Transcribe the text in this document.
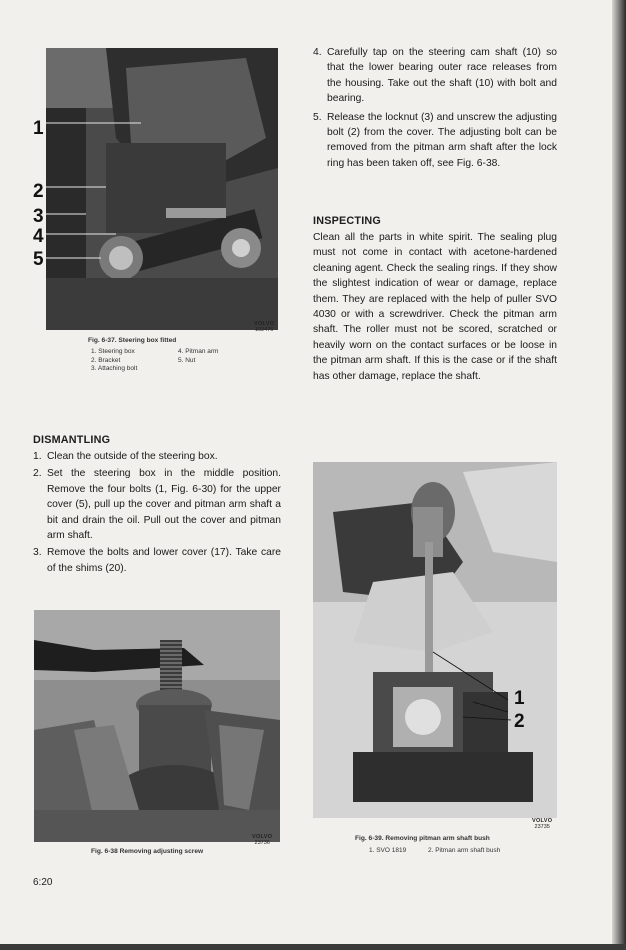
1
2
3
4
5
VOLVO
102476
Fig. 6-37. Steering box fitted
1. Steering box
2. Bracket
3. Attaching bolt
4. Pitman arm
5. Nut
4. Carefully tap on the steering cam shaft (10) so that the lower bearing outer race releases from the housing. Take out the shaft (10) with bolt and bearing.
5. Release the locknut (3) and unscrew the adjusting bolt (2) from the cover. The adjusting bolt can be removed from the pitman arm shaft after the lock ring has been taken off, see Fig. 6-38.
INSPECTING

Clean all the parts in white spirit. The sealing plug must not come in contact with acetone-hardened cleaning agent. Check the sealing rings. If they show the slightest indication of wear or damage, replace them. They are replaced with the help of puller SVO 4030 or with a screwdriver. Check the pitman arm shaft. The roller must not be scored, scratched or heavily worn on the contact surfaces or be loose in the pitman arm shaft. If this is the case or if the shaft has other damage, replace the shaft.

DISMANTLING
1. Clean the outside of the steering box.
2. Set the steering box in the middle position. Remove the four bolts (1, Fig. 6-30) for the upper cover (5), pull up the cover and pitman arm shaft a bit and drain the oil. Pull out the cover and pitman arm shaft.
3. Remove the bolts and lower cover (17). Take care of the shims (20).
VOLVO
23736
Fig. 6-38 Removing adjusting screw
1
2
VOLVO
23735
Fig. 6-39. Removing pitman arm shaft bush
1. SVO 1819	2. Pitman arm shaft bush
6:20
